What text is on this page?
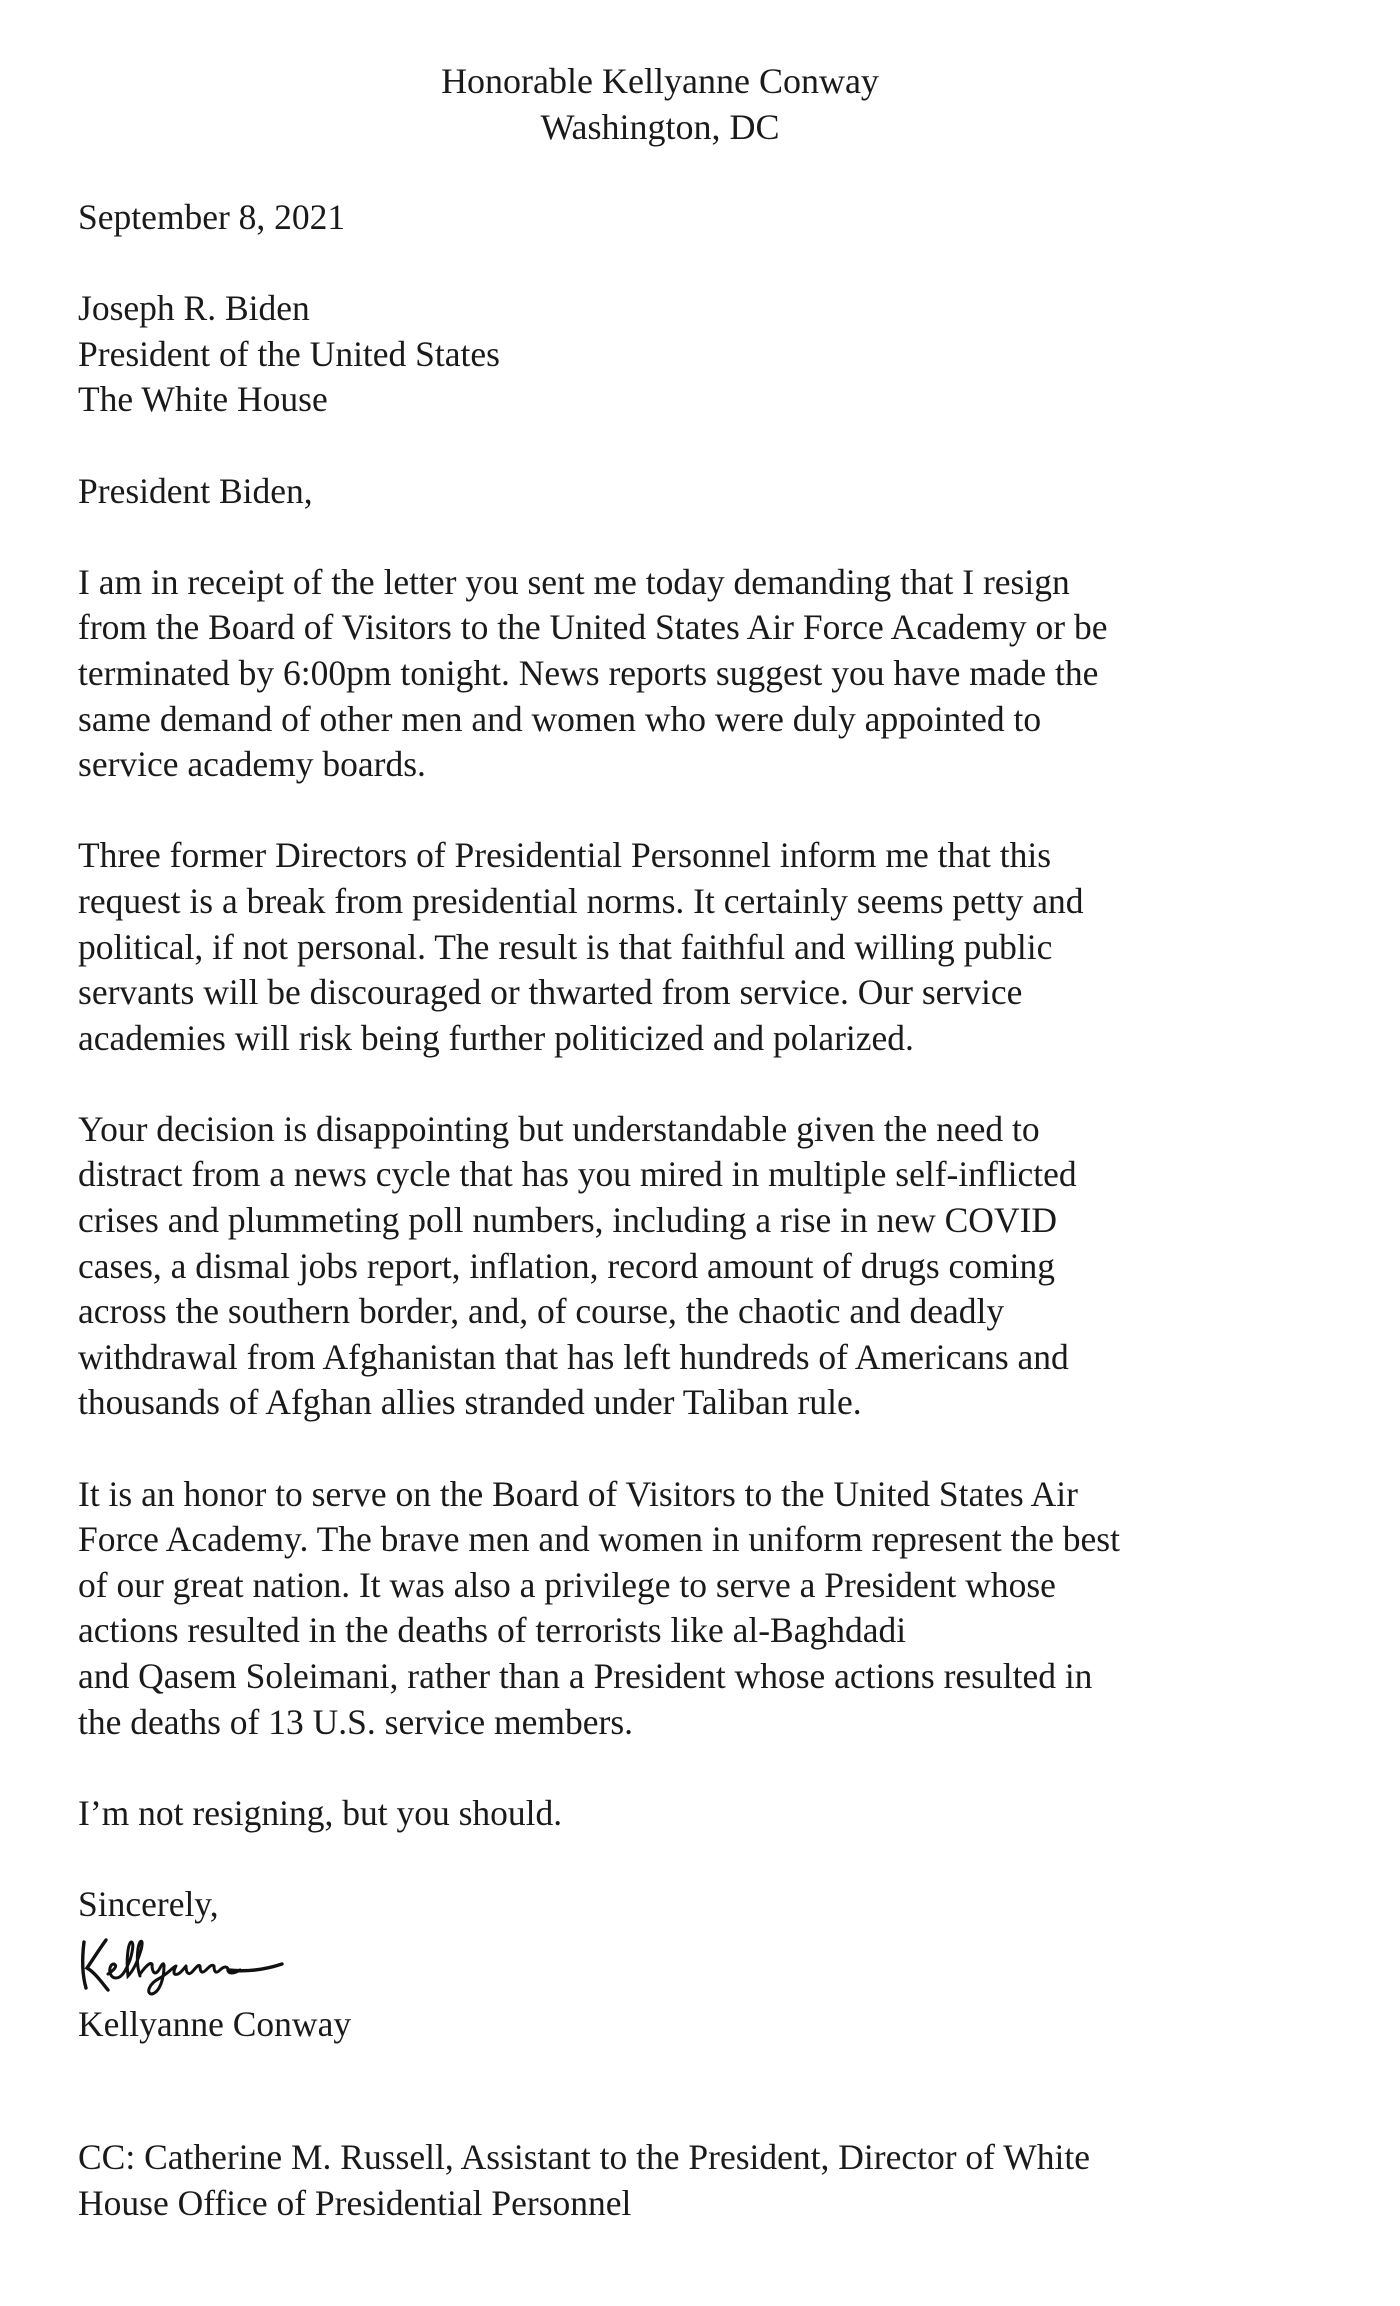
Honorable Kellyanne Conway
Washington, DC
September 8, 2021
Joseph R. Biden
President of the United States
The White House
President Biden,
I am in receipt of the letter you sent me today demanding that I resign
from the Board of Visitors to the United States Air Force Academy or be
terminated by 6:00pm tonight. News reports suggest you have made the
same demand of other men and women who were duly appointed to
service academy boards.
Three former Directors of Presidential Personnel inform me that this
request is a break from presidential norms. It certainly seems petty and
political, if not personal. The result is that faithful and willing public
servants will be discouraged or thwarted from service. Our service
academies will risk being further politicized and polarized.
Your decision is disappointing but understandable given the need to
distract from a news cycle that has you mired in multiple self-inflicted
crises and plummeting poll numbers, including a rise in new COVID
cases, a dismal jobs report, inflation, record amount of drugs coming
across the southern border, and, of course, the chaotic and deadly
withdrawal from Afghanistan that has left hundreds of Americans and
thousands of Afghan allies stranded under Taliban rule.
It is an honor to serve on the Board of Visitors to the United States Air
Force Academy. The brave men and women in uniform represent the best
of our great nation. It was also a privilege to serve a President whose
actions resulted in the deaths of terrorists like al-Baghdadi
and Qasem Soleimani, rather than a President whose actions resulted in
the deaths of 13 U.S. service members.
I’m not resigning, but you should.
Sincerely,
Kellyanne Conway
CC: Catherine M. Russell, Assistant to the President, Director of White
House Office of Presidential Personnel
